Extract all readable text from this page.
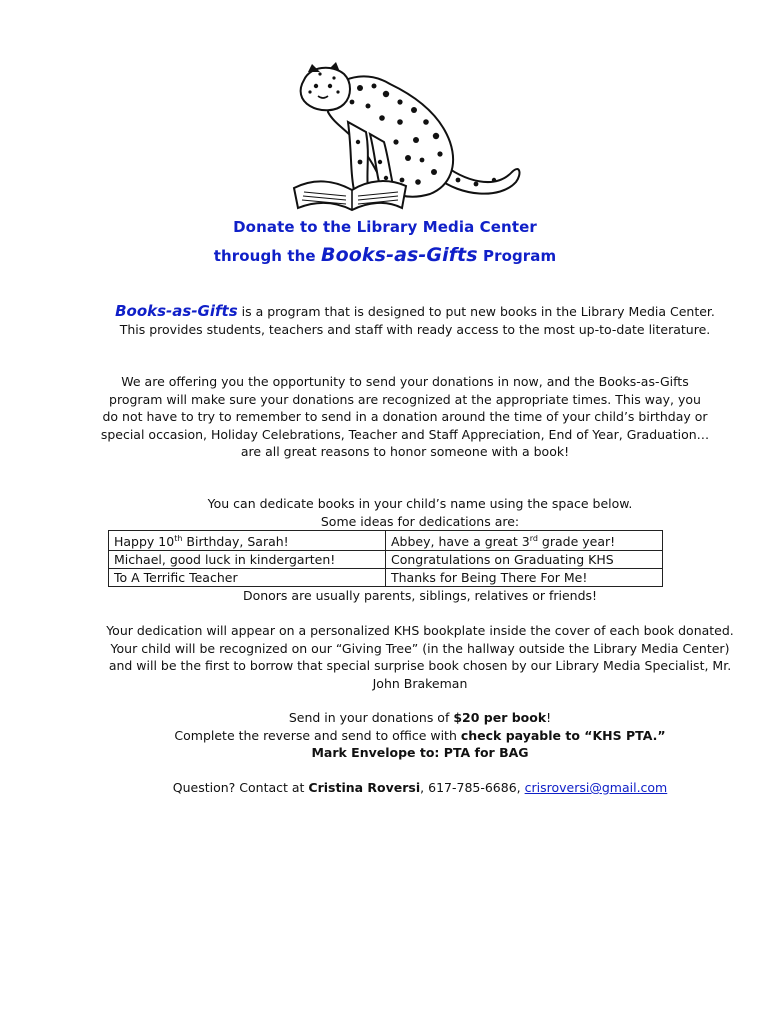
Donate to the Library Media Center
through the Books-as-Gifts Program
Books-as-Gifts is a program that is designed to put new books in the Library Media Center. This provides students, teachers and staff with ready access to the most up-to-date literature.
We are offering you the opportunity to send your donations in now, and the Books-as-Gifts program will make sure your donations are recognized at the appropriate times. This way, you do not have to try to remember to send in a donation around the time of your child’s birthday or special occasion, Holiday Celebrations, Teacher and Staff Appreciation, End of Year, Graduation… are all great reasons to honor someone with a book!
You can dedicate books in your child’s name using the space below.
Some ideas for dedications are:
Happy 10th Birthday, Sarah!	Abbey, have a great 3rd grade year!
Michael, good luck in kindergarten!	Congratulations on Graduating KHS
To A Terrific Teacher	Thanks for Being There For Me!
Donors are usually parents, siblings, relatives or friends!
Your dedication will appear on a personalized KHS bookplate inside the cover of each book donated. Your child will be recognized on our “Giving Tree” (in the hallway outside the Library Media Center) and will be the first to borrow that special surprise book chosen by our Library Media Specialist, Mr. John Brakeman
Send in your donations of $20 per book!
Complete the reverse and send to office with check payable to “KHS PTA.”
Mark Envelope to: PTA for BAG
Question? Contact at Cristina Roversi, 617-785-6686, crisroversi@gmail.com
